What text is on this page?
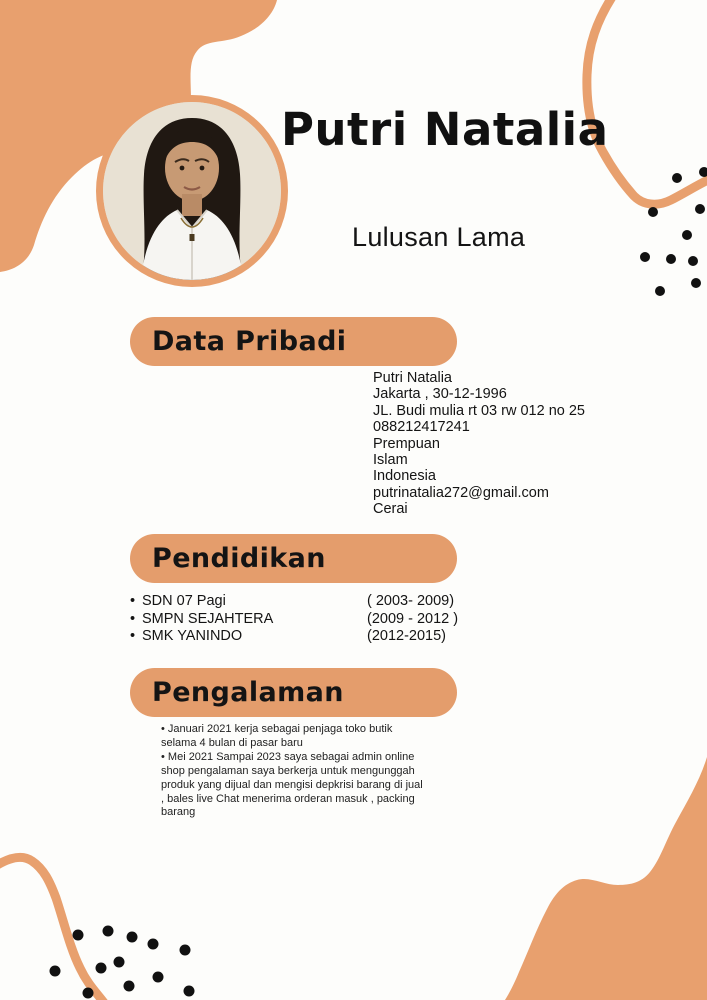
Putri Natalia
Lulusan Lama
Data Pribadi
Putri Natalia
Jakarta , 30-12-1996
JL. Budi mulia rt 03 rw 012 no 25
088212417241
Prempuan
Islam
Indonesia
putrinatalia272@gmail.com
Cerai
Pendidikan
• SDN 07 Pagi	( 2003- 2009)
• SMPN SEJAHTERA	(2009 - 2012 )
• SMK YANINDO	(2012-2015)
Pengalaman

• Januari 2021 kerja sebagai penjaga toko butik selama 4 bulan di pasar baru

• Mei 2021 Sampai 2023 saya sebagai admin online shop pengalaman saya berkerja untuk mengunggah produk yang dijual dan mengisi depkrisi barang di jual , bales live Chat menerima orderan masuk , packing barang
